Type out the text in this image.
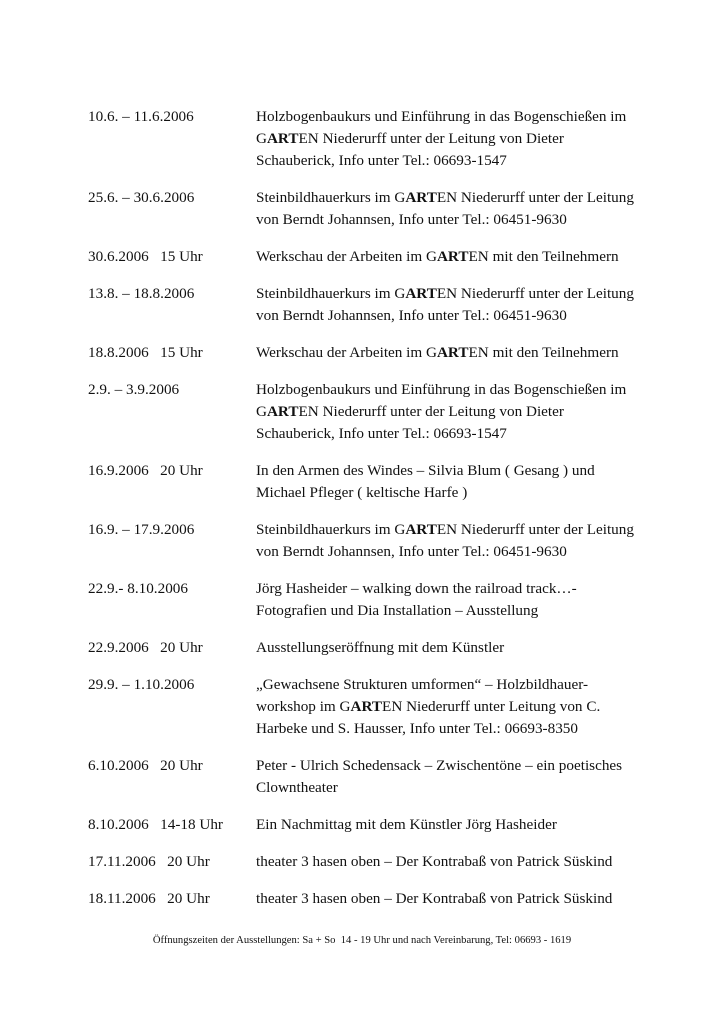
10.6. – 11.6.2006	Holzbogenbaukurs und Einführung in das Bogenschießen im
GARTEN Niederurff unter der Leitung von Dieter
Schauberick, Info unter Tel.: 06693-1547
25.6. – 30.6.2006	Steinbildhauerkurs im GARTEN Niederurff unter der Leitung
von Berndt Johannsen, Info unter Tel.: 06451-9630
30.6.2006   15 Uhr	Werkschau der Arbeiten im GARTEN mit den Teilnehmern
13.8. – 18.8.2006	Steinbildhauerkurs im GARTEN Niederurff unter der Leitung
von Berndt Johannsen, Info unter Tel.: 06451-9630
18.8.2006   15 Uhr	Werkschau der Arbeiten im GARTEN mit den Teilnehmern
2.9. – 3.9.2006	Holzbogenbaukurs und Einführung in das Bogenschießen im
GARTEN Niederurff unter der Leitung von Dieter
Schauberick, Info unter Tel.: 06693-1547
16.9.2006   20 Uhr	In den Armen des Windes – Silvia Blum ( Gesang ) und
Michael Pfleger ( keltische Harfe )
16.9. – 17.9.2006	Steinbildhauerkurs im GARTEN Niederurff unter der Leitung
von Berndt Johannsen, Info unter Tel.: 06451-9630
22.9.- 8.10.2006	Jörg Hasheider – walking down the railroad track…-
Fotografien und Dia Installation – Ausstellung
22.9.2006   20 Uhr	Ausstellungseröffnung mit dem Künstler
29.9. – 1.10.2006	„Gewachsene Strukturen umformen“ – Holzbildhauer-
workshop im GARTEN Niederurff unter Leitung von C.
Harbeke und S. Hausser, Info unter Tel.: 06693-8350
6.10.2006   20 Uhr	Peter - Ulrich Schedensack – Zwischentöne – ein poetisches
Clowntheater
8.10.2006   14-18 Uhr	Ein Nachmittag mit dem Künstler Jörg Hasheider
17.11.2006   20 Uhr	theater 3 hasen oben – Der Kontrabaß von Patrick Süskind
18.11.2006   20 Uhr	theater 3 hasen oben – Der Kontrabaß von Patrick Süskind
Öffnungszeiten der Ausstellungen: Sa + So  14 - 19 Uhr und nach Vereinbarung, Tel: 06693 - 1619
